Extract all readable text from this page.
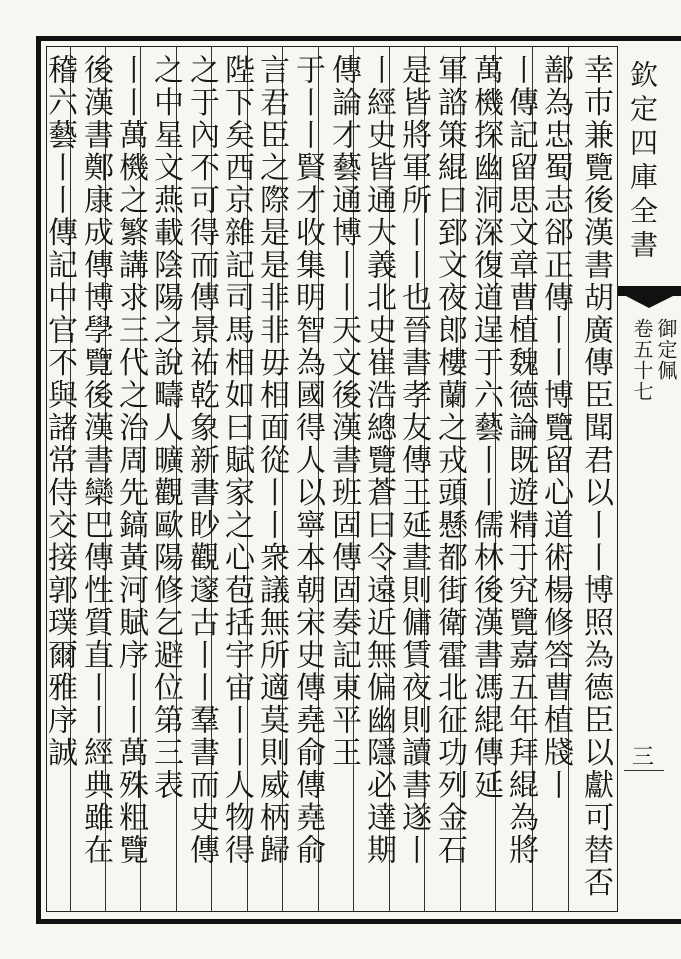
欽定四庫全書
御定佩
卷五十七
三
幸巿兼覽後漢書胡廣傳臣聞君以丨丨博照為德臣以獻可替否
鄯為忠蜀志郤正傳丨丨博覽留心道術楊修答曹植牋丨
丨傳記留思文章曹植魏德論既遊精于究覽嘉五年拜緄為將
萬機探幽洞深復道逞于六藝丨丨儒林後漢書馮緄傳延
軍諮策緄曰郅文夜郎樓蘭之戎頭懸都街衛霍北征功列金石
是皆將軍所丨丨也晉書孝友傳王延晝則傭賃夜則讀書遂丨
丨經史皆通大義北史崔浩總覽蒼曰令遠近無偏幽隱必達期
傳論才藝通博丨丨天文後漢書班固傳固奏記東平王
于丨丨賢才收集明智為國得人以寧本朝宋史傳堯俞傳堯俞
言君臣之際是是非非毋相面從丨丨衆議無所適莫則威柄歸
陛下矣西京雜記司馬相如曰賦家之心苞括宇宙丨丨人物得
之于內不可得而傳景祐乾象新書眇觀邃古丨丨羣書而史傳
之中星文燕載陰陽之說疇人曠觀歐陽修乞避位第三表
丨丨萬機之繁講求三代之治周先鎬黃河賦序丨丨萬殊粗覽
後漢書鄭康成傳博學覽後漢書欒巴傳性質直丨丨經典雖在
稽六藝丨丨傳記中官不與諸常侍交接郭璞爾雅序誠
